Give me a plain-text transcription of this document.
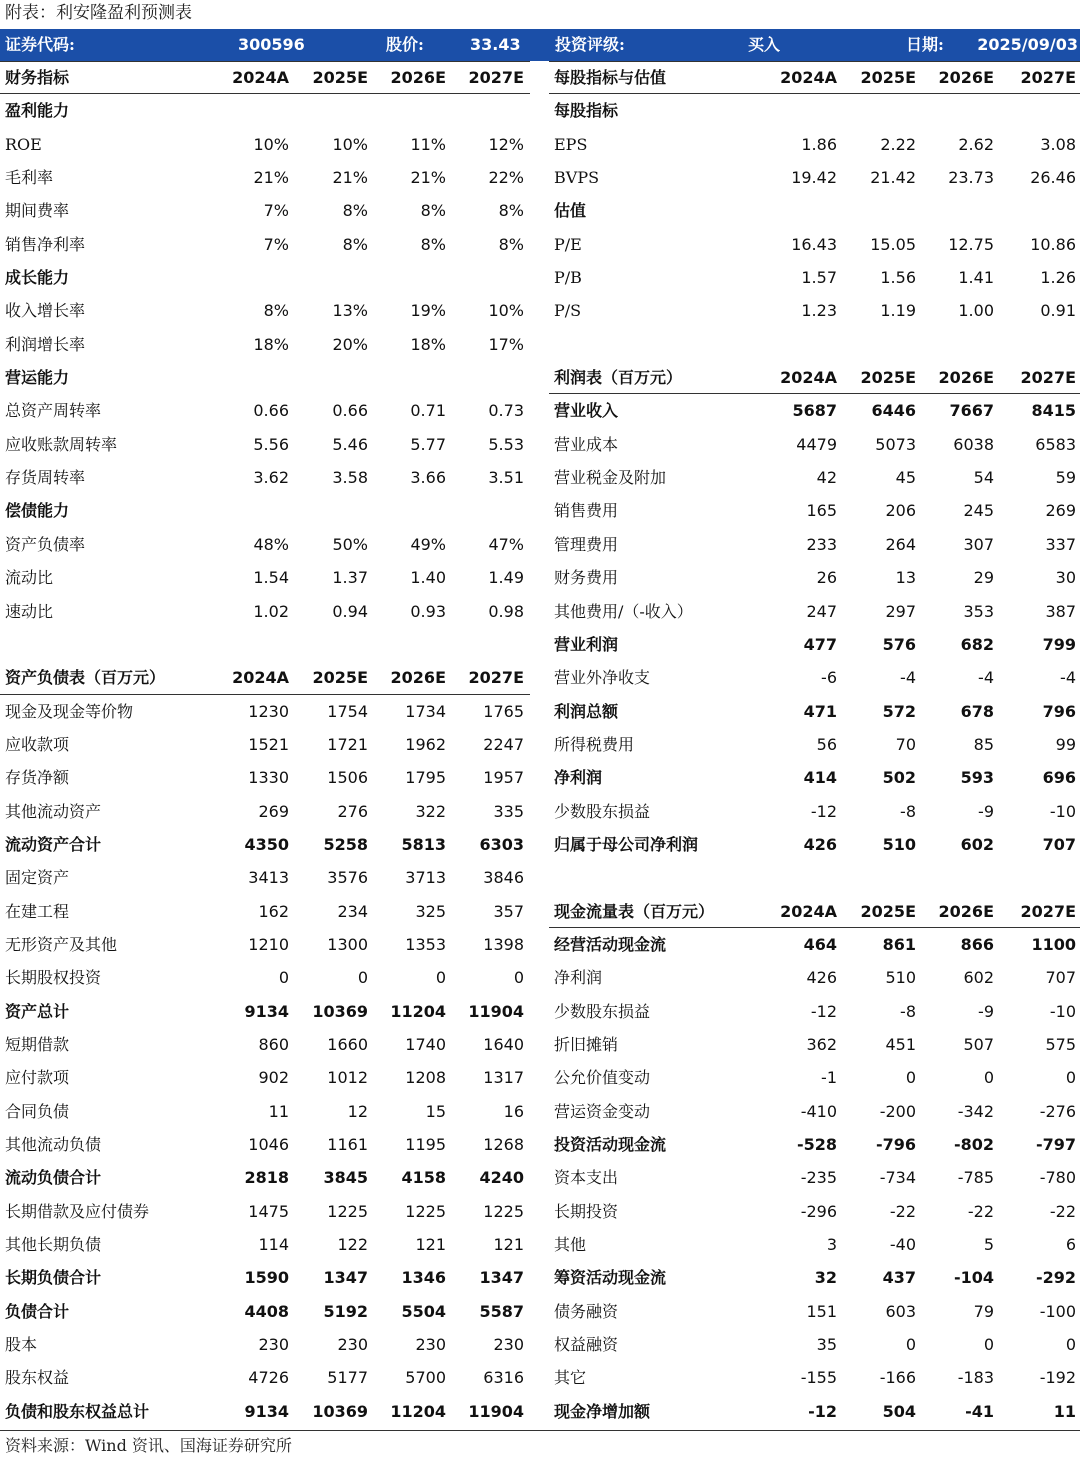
附表：利安隆盈利预测表
证券代码:	300596	股价:	33.43 投资评级:	买入	日期: 2025/09/03
财务指标	2024A 2025E 2026E 2027E
盈利能力
ROE	10%	10%	11%	12%
毛利率	21%	21%	21%	22%
期间费率	7%	8%	8%	8%
销售净利率	7%	8%	8%	8%
成长能力
收入增长率	8%	13%	19%	10%
利润增长率	18%	20%	18%	17%
营运能力
总资产周转率	0.66	0.66	0.71	0.73
应收账款周转率	5.56	5.46	5.77	5.53
存货周转率	3.62	3.58	3.66	3.51
偿债能力
资产负债率	48%	50%	49%	47%
流动比	1.54	1.37	1.40	1.49
速动比	1.02	0.94	0.93	0.98
资产负债表（百万元）	2024A 2025E 2026E 2027E
现金及现金等价物	1230 1754 1734 1765
应收款项	1521 1721 1962 2247
存货净额	1330 1506 1795 1957
其他流动资产	269	276	322	335
流动资产合计	4350 5258 5813 6303
固定资产	3413 3576 3713 3846
在建工程	162	234	325	357
无形资产及其他	1210 1300 1353 1398
长期股权投资	0	0	0	0
资产总计	9134 10369 11204 11904
短期借款	860 1660 1740 1640
应付款项	902 1012 1208 1317
合同负债	11	12	15	16
其他流动负债	1046 1161 1195 1268
流动负债合计	2818 3845 4158 4240
长期借款及应付债券	1475 1225 1225 1225
其他长期负债	114	122	121	121
长期负债合计	1590 1347 1346 1347
负债合计	4408 5192 5504 5587
股本	230	230	230	230
股东权益	4726 5177 5700 6316
负债和股东权益总计	9134 10369 11204 11904
每股指标与估值	2024A 2025E 2026E 2027E
每股指标
EPS	1.86	2.22	2.62	3.08
BVPS	19.42 21.42 23.73 26.46
估值
P/E	16.43 15.05 12.75 10.86
P/B	1.57	1.56	1.41	1.26
P/S	1.23	1.19	1.00	0.91
利润表（百万元）	2024A 2025E 2026E 2027E
营业收入	5687 6446 7667 8415
营业成本	4479 5073 6038	6583
营业税金及附加	42	45	54	59
销售费用	165	206	245	269
管理费用	233	264	307	337
财务费用	26	13	29	30
其他费用/（-收入）	247	297	353	387
营业利润	477	576	682	799
营业外净收支	-6	-4	-4	-4
利润总额	471	572	678	796
所得税费用	56	70	85	99
净利润	414	502	593	696
少数股东损益	-12	-8	-9	-10
归属于母公司净利润	426	510	602	707
现金流量表（百万元）	2024A 2025E 2026E 2027E
经营活动现金流	464	861	866 1100
净利润	426	510	602	707
少数股东损益	-12	-8	-9	-10
折旧摊销	362	451	507	575
公允价值变动	-1	0	0	0
营运资金变动	-410	-200	-342	-276
投资活动现金流	-528 -796 -802	-797
资本支出	-235	-734	-785	-780
长期投资	-296	-22	-22	-22
其他	3	-40	5	6
筹资活动现金流	32	437 -104	-292
债务融资	151	603	79	-100
权益融资	35	0	0	0
其它	-155	-166	-183	-192
现金净增加额	-12	504	-41	11
资料来源：Wind 资讯、国海证券研究所
